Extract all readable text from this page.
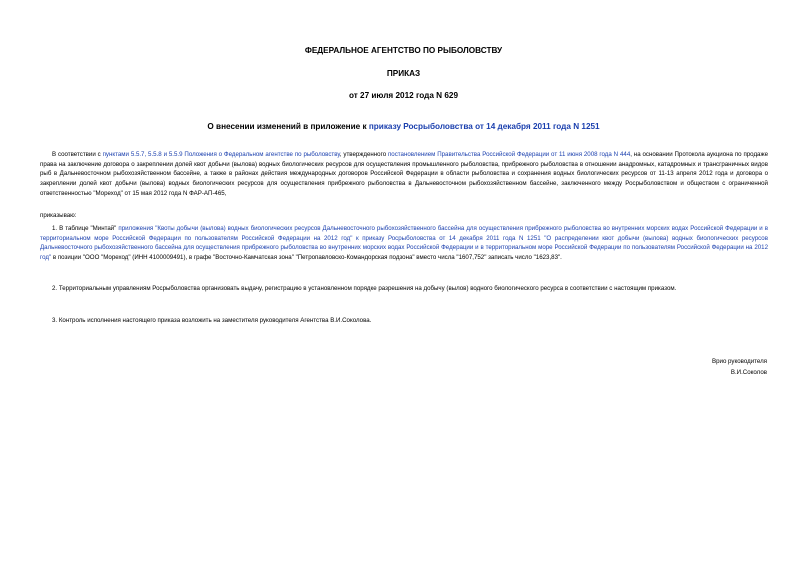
ФЕДЕРАЛЬНОЕ АГЕНТСТВО ПО РЫБОЛОВСТВУ
ПРИКАЗ
от 27 июля 2012 года N 629
О внесении изменений в приложение к приказу Росрыболовства от 14 декабря 2011 года N 1251
В соответствии с пунктами 5.5.7, 5.5.8 и 5.5.9 Положения о Федеральном агентстве по рыболовству, утвержденного постановлением Правительства Российской Федерации от 11 июня 2008 года N 444, на основании Протокола аукциона по продаже права на заключение договора о закреплении долей квот добычи (вылова) водных биологических ресурсов для осуществления промышленного рыболовства, прибрежного рыболовства в отношении анадромных, катадромных и трансграничных видов рыб в Дальневосточном рыбохозяйственном бассейне, а также в районах действия международных договоров Российской Федерации в области рыболовства и сохранения водных биологических ресурсов от 11-13 апреля 2012 года и договора о закреплении долей квот добычи (вылова) водных биологических ресурсов для осуществления прибрежного рыболовства в Дальневосточном рыбохозяйственном бассейне, заключенного между Росрыболовством и обществом с ограниченной ответственностью "Мореход" от 15 мая 2012 года N ФАР-АП-465,
приказываю:
1. В таблице "Минтай" приложения "Квоты добычи (вылова) водных биологических ресурсов Дальневосточного рыбохозяйственного бассейна для осуществления прибрежного рыболовства во внутренних морских водах Российской Федерации и в территориальном море Российской Федерации по пользователям Российской Федерации на 2012 год" к приказу Росрыболовства от 14 декабря 2011 года N 1251 "О распределении квот добычи (вылова) водных биологических ресурсов Дальневосточного рыбохозяйственного бассейна для осуществления прибрежного рыболовства во внутренних морских водах Российской Федерации и в территориальном море Российской Федерации по пользователям Российской Федерации на 2012 год" в позиции "ООО "Мореход" (ИНН 4100009491), в графе "Восточно-Камчатская зона" "Петропавловско-Командорская подзона" вместо числа "1607,752" записать число "1623,83".
2. Территориальным управлениям Росрыболовства организовать выдачу, регистрацию в установленном порядке разрешения на добычу (вылов) водного биологического ресурса в соответствии с настоящим приказом.
3. Контроль исполнения настоящего приказа возложить на заместителя руководителя Агентства В.И.Соколова.
Врио руководителя
В.И.Соколов
